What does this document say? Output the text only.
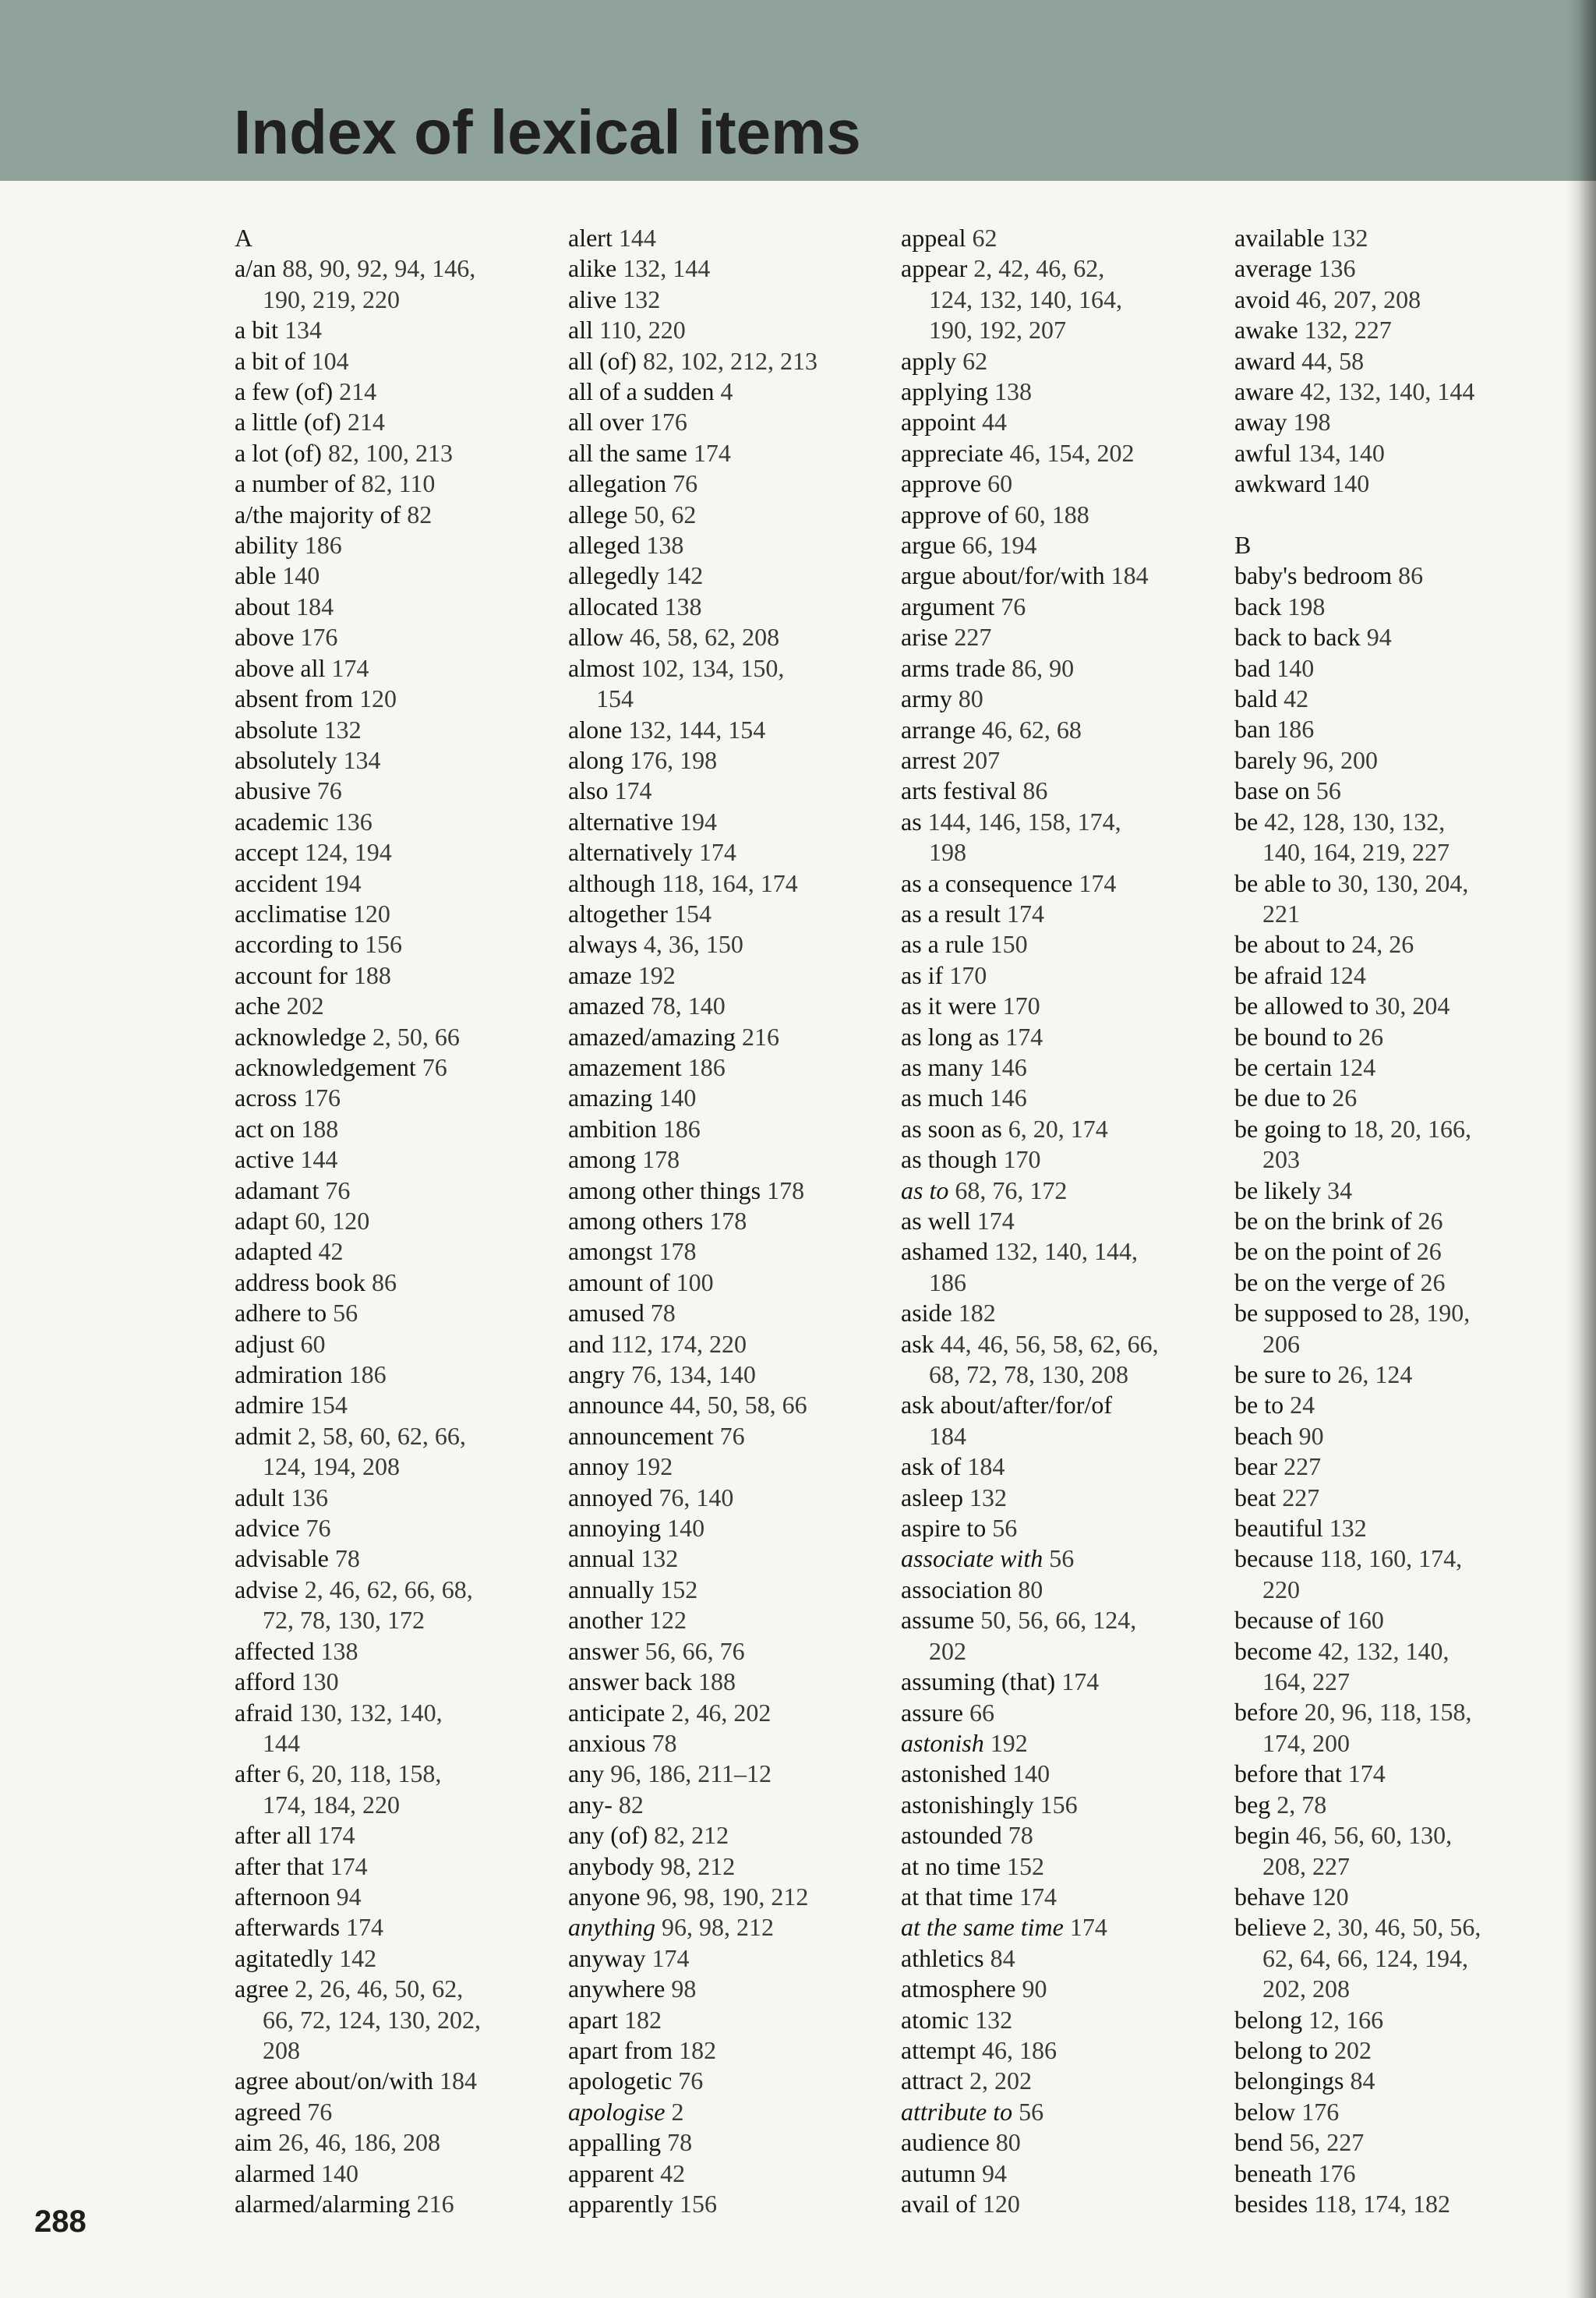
Index of lexical items
A
a/an 88, 90, 92, 94, 146,
190, 219, 220
a bit 134
a bit of 104
a few (of) 214
a little (of) 214
a lot (of) 82, 100, 213
a number of 82, 110
a/the majority of 82
ability 186
able 140
about 184
above 176
above all 174
absent from 120
absolute 132
absolutely 134
abusive 76
academic 136
accept 124, 194
accident 194
acclimatise 120
according to 156
account for 188
ache 202
acknowledge 2, 50, 66
acknowledgement 76
across 176
act on 188
active 144
adamant 76
adapt 60, 120
adapted 42
address book 86
adhere to 56
adjust 60
admiration 186
admire 154
admit 2, 58, 60, 62, 66,
124, 194, 208
adult 136
advice 76
advisable 78
advise 2, 46, 62, 66, 68,
72, 78, 130, 172
affected 138
afford 130
afraid 130, 132, 140,
144
after 6, 20, 118, 158,
174, 184, 220
after all 174
after that 174
afternoon 94
afterwards 174
agitatedly 142
agree 2, 26, 46, 50, 62,
66, 72, 124, 130, 202,
208
agree about/on/with 184
agreed 76
aim 26, 46, 186, 208
alarmed 140
alarmed/alarming 216
alert 144
alike 132, 144
alive 132
all 110, 220
all (of) 82, 102, 212, 213
all of a sudden 4
all over 176
all the same 174
allegation 76
allege 50, 62
alleged 138
allegedly 142
allocated 138
allow 46, 58, 62, 208
almost 102, 134, 150,
154
alone 132, 144, 154
along 176, 198
also 174
alternative 194
alternatively 174
although 118, 164, 174
altogether 154
always 4, 36, 150
amaze 192
amazed 78, 140
amazed/amazing 216
amazement 186
amazing 140
ambition 186
among 178
among other things 178
among others 178
amongst 178
amount of 100
amused 78
and 112, 174, 220
angry 76, 134, 140
announce 44, 50, 58, 66
announcement 76
annoy 192
annoyed 76, 140
annoying 140
annual 132
annually 152
another 122
answer 56, 66, 76
answer back 188
anticipate 2, 46, 202
anxious 78
any 96, 186, 211–12
any- 82
any (of) 82, 212
anybody 98, 212
anyone 96, 98, 190, 212
anything 96, 98, 212
anyway 174
anywhere 98
apart 182
apart from 182
apologetic 76
apologise 2
appalling 78
apparent 42
apparently 156
appeal 62
appear 2, 42, 46, 62,
124, 132, 140, 164,
190, 192, 207
apply 62
applying 138
appoint 44
appreciate 46, 154, 202
approve 60
approve of 60, 188
argue 66, 194
argue about/for/with 184
argument 76
arise 227
arms trade 86, 90
army 80
arrange 46, 62, 68
arrest 207
arts festival 86
as 144, 146, 158, 174,
198
as a consequence 174
as a result 174
as a rule 150
as if 170
as it were 170
as long as 174
as many 146
as much 146
as soon as 6, 20, 174
as though 170
as to 68, 76, 172
as well 174
ashamed 132, 140, 144,
186
aside 182
ask 44, 46, 56, 58, 62, 66,
68, 72, 78, 130, 208
ask about/after/for/of
184
ask of 184
asleep 132
aspire to 56
associate with 56
association 80
assume 50, 56, 66, 124,
202
assuming (that) 174
assure 66
astonish 192
astonished 140
astonishingly 156
astounded 78
at no time 152
at that time 174
at the same time 174
athletics 84
atmosphere 90
atomic 132
attempt 46, 186
attract 2, 202
attribute to 56
audience 80
autumn 94
avail of 120
available 132
average 136
avoid 46, 207, 208
awake 132, 227
award 44, 58
aware 42, 132, 140, 144
away 198
awful 134, 140
awkward 140
B
baby's bedroom 86
back 198
back to back 94
bad 140
bald 42
ban 186
barely 96, 200
base on 56
be 42, 128, 130, 132,
140, 164, 219, 227
be able to 30, 130, 204,
221
be about to 24, 26
be afraid 124
be allowed to 30, 204
be bound to 26
be certain 124
be due to 26
be going to 18, 20, 166,
203
be likely 34
be on the brink of 26
be on the point of 26
be on the verge of 26
be supposed to 28, 190,
206
be sure to 26, 124
be to 24
beach 90
bear 227
beat 227
beautiful 132
because 118, 160, 174,
220
because of 160
become 42, 132, 140,
164, 227
before 20, 96, 118, 158,
174, 200
before that 174
beg 2, 78
begin 46, 56, 60, 130,
208, 227
behave 120
believe 2, 30, 46, 50, 56,
62, 64, 66, 124, 194,
202, 208
belong 12, 166
belong to 202
belongings 84
below 176
bend 56, 227
beneath 176
besides 118, 174, 182
288
